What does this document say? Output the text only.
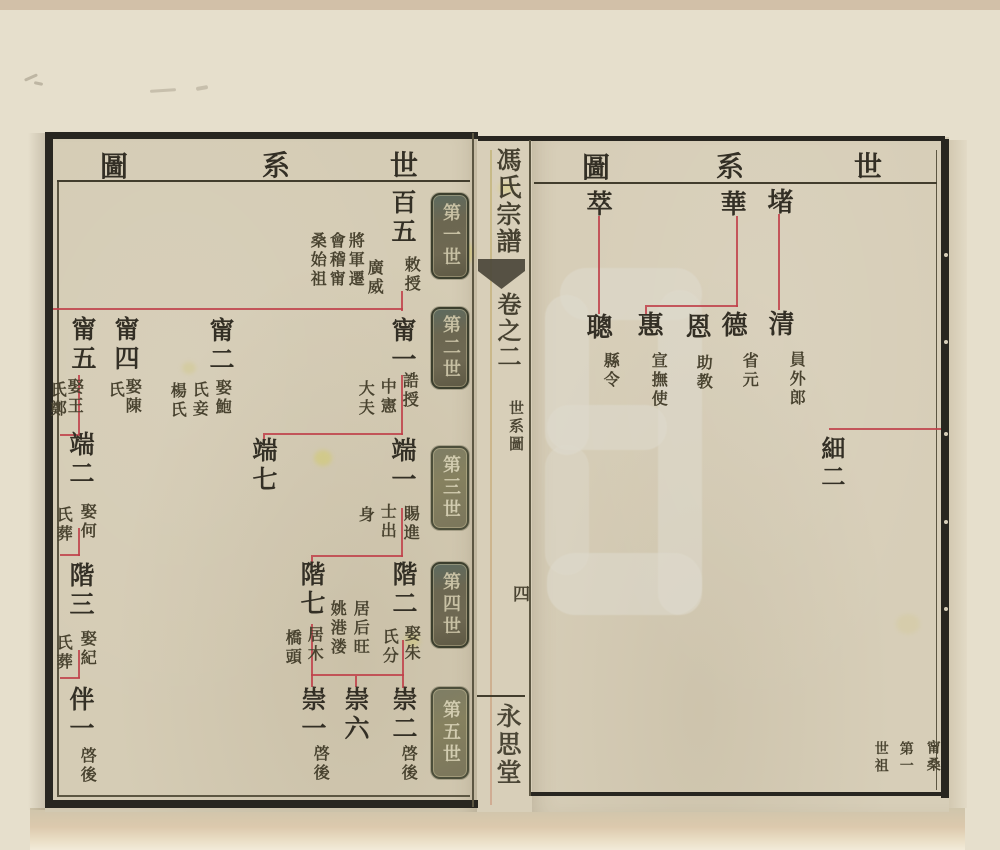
世
系
圖	世
系
圖
第一世
第二世
第三世
第四世
第五世
馮氏宗譜
卷之二
世系圖
四
永思堂	甯桑
第一
世祖
百五
敕授
廣威
將軍遷
會稽甯
桑始祖
甯一
誥授
中憲
大夫
甯二
娶鮑
氏妾
楊氏
甯四
娶陳
氏
甯五
娶王
氏鄭
端一
賜進
士出
身
端七
端二
娶何
氏葬
階二
娶朱
氏分
居后旺
姚港溇
階七
居木
橋頭
階三
娶紀
氏葬
崇二
啓後
崇六
崇一
啓後
伴一
啓後
堵
華
萃
清
員外郎
德
省元
恩
助教
惠
宣撫使
聰
縣令
細二
